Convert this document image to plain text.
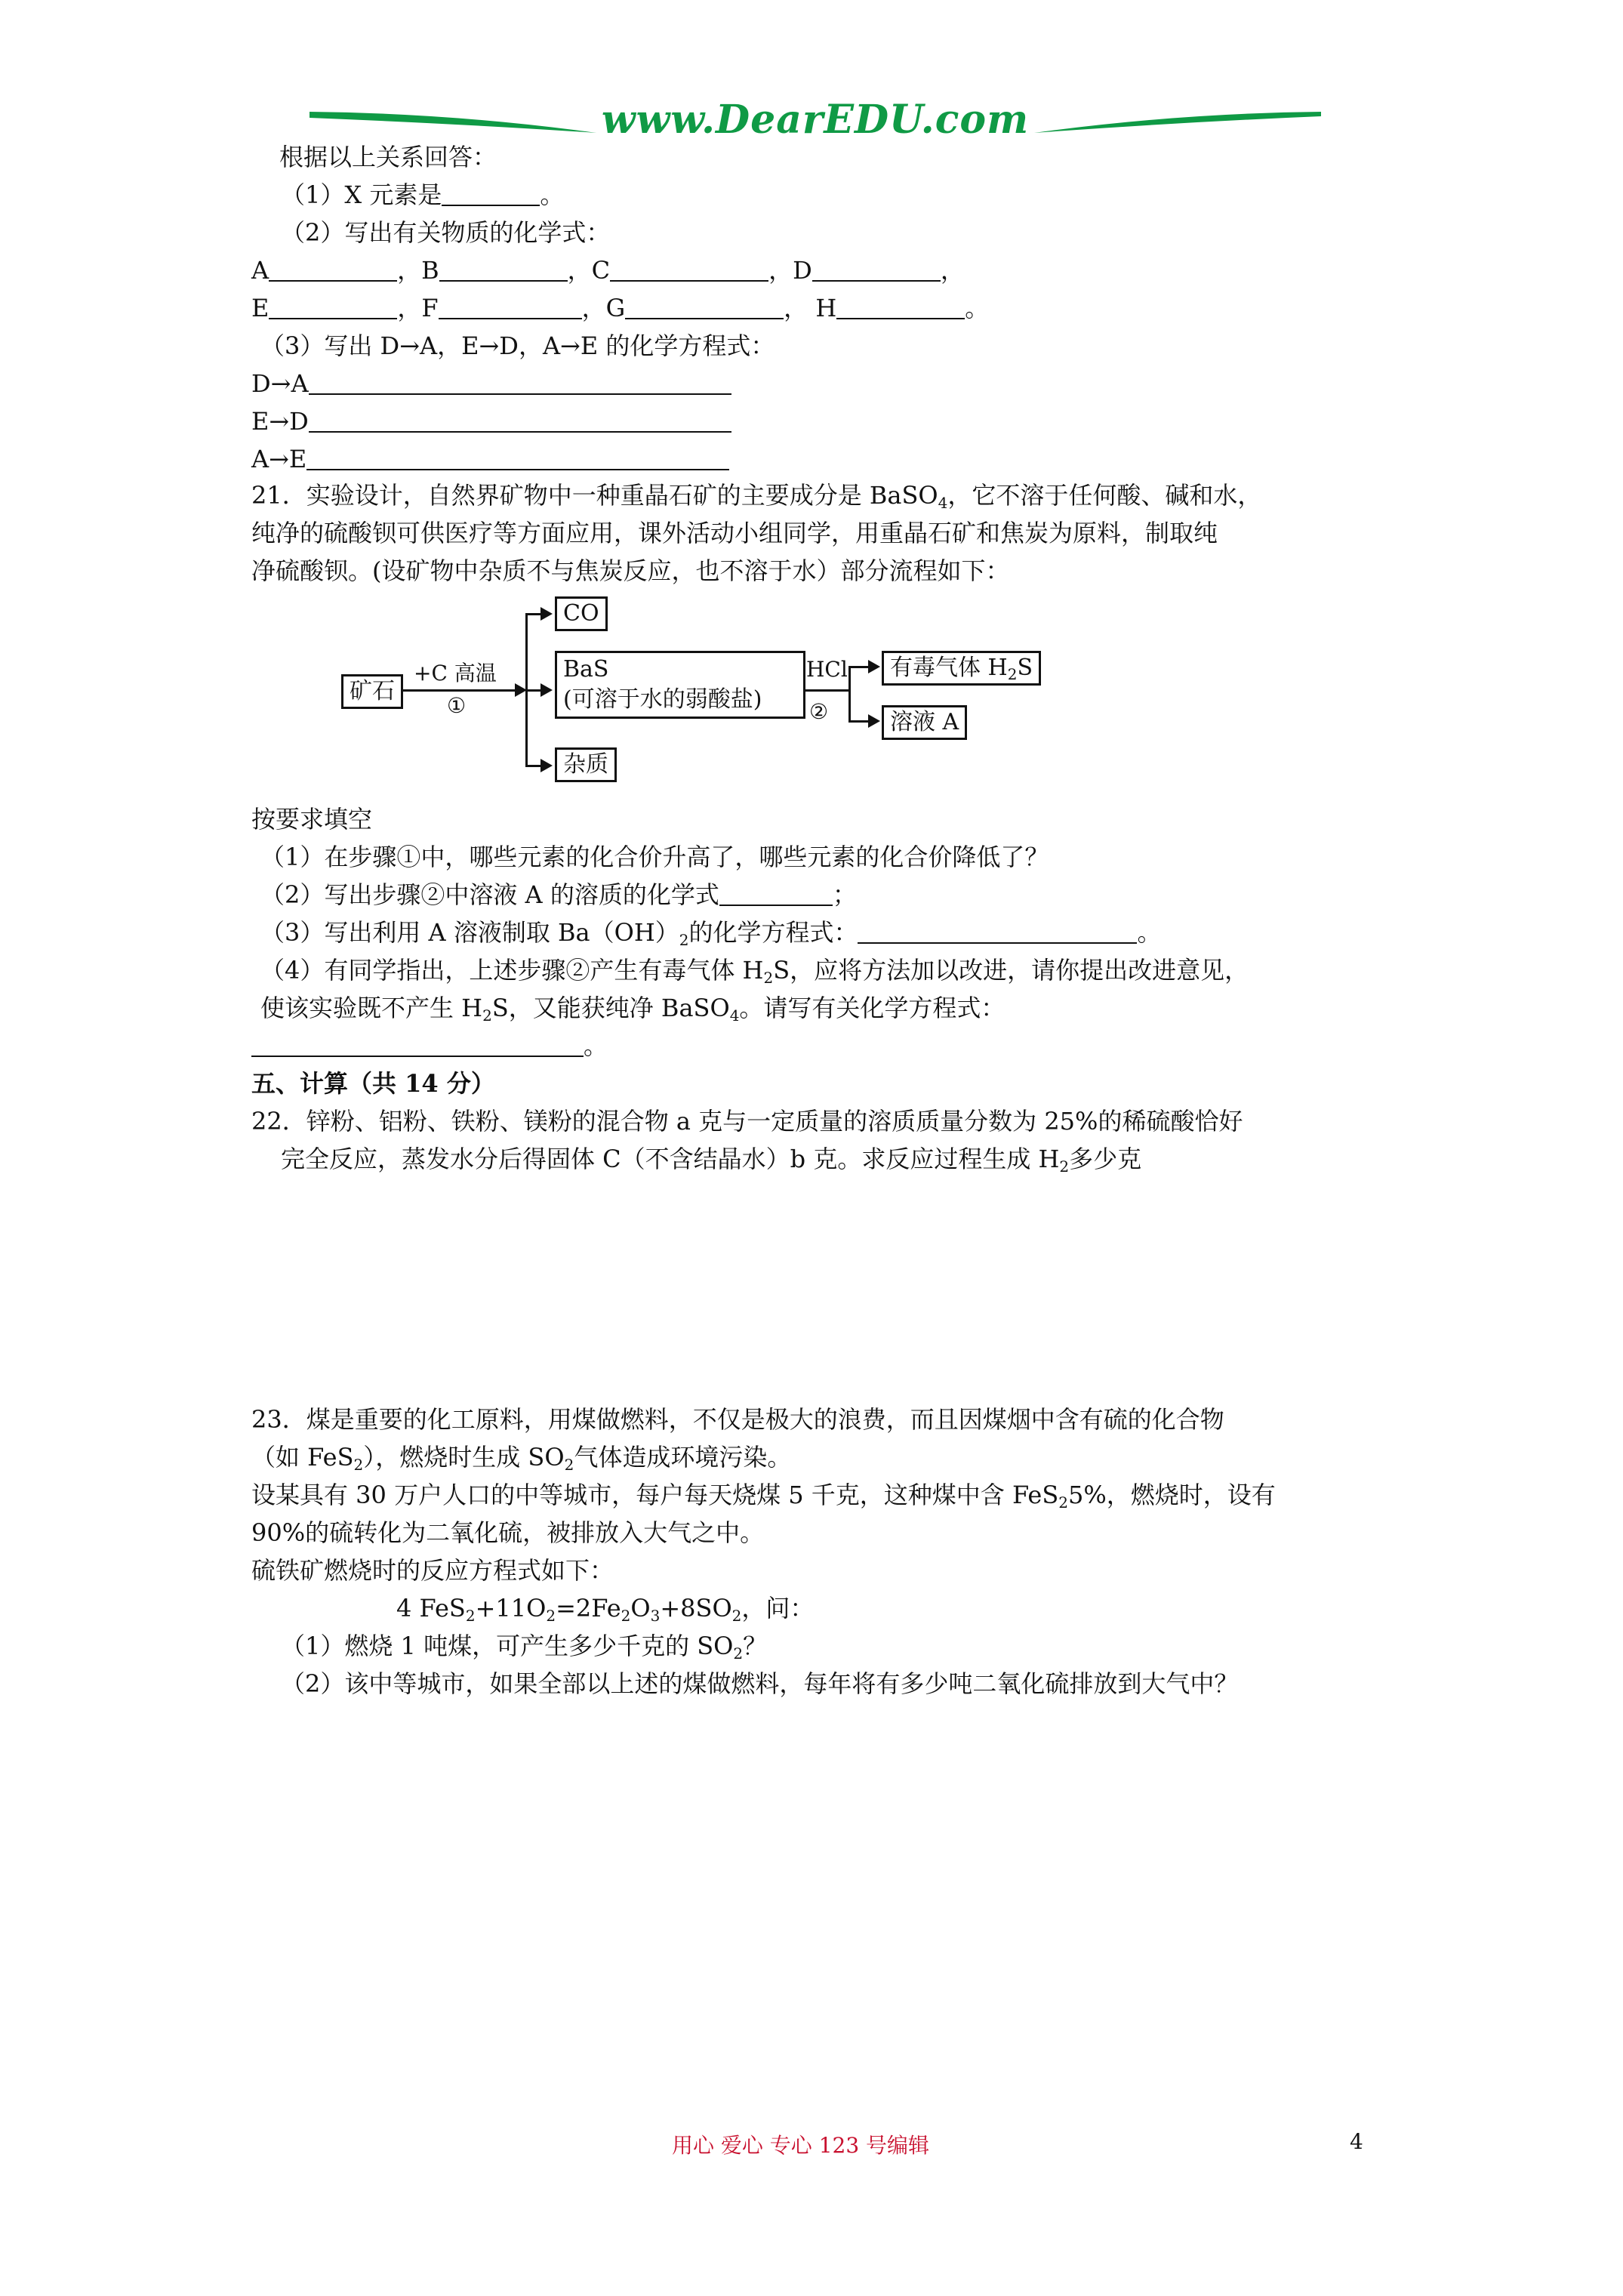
www.DearEDU.com
根据以上关系回答：
（1）X 元素是	。
（2）写出有关物质的化学式：
A	，B	，C	，D	，
E	，F	，G	， H	。
（3）写出 D→A，E→D，A→E 的化学方程式：
D→A
E→D
A→E
21．实验设计，自然界矿物中一种重晶石矿的主要成分是 BaSO$_4$，它不溶于任何酸、碱和水，
纯净的硫酸钡可供医疗等方面应用，课外活动小组同学，用重晶石矿和焦炭为原料，制取纯
净硫酸钡。(设矿物中杂质不与焦炭反应，也不溶于水）部分流程如下：
矿石
+C 高温
①
CO
BaS
(可溶于水的弱酸盐)
杂质
HCl
②
有毒气体 $H_2S$
溶液 A
按要求填空
（1）在步骤①中，哪些元素的化合价升高了，哪些元素的化合价降低了？
（2）写出步骤②中溶液 A 的溶质的化学式	；
（3）写出利用 A 溶液制取 $Ba(OH)_2$的化学方程式：	。
（4）有同学指出，上述步骤②产生有毒气体 $H_2S$，应将方法加以改进，请你提出改进意见，
使该实验既不产生 $H_2S$，又能获纯净 BaSO$_4$。请写有关化学方程式：
。
五、计算（共 14 分）
22．锌粉、铝粉、铁粉、镁粉的混合物 a 克与一定质量的溶质质量分数为 25%的稀硫酸恰好
完全反应，蒸发水分后得固体 C（不含结晶水）b 克。求反应过程生成 $H_2$多少克
23．煤是重要的化工原料，用煤做燃料，不仅是极大的浪费，而且因煤烟中含有硫的化合物
（如 FeS$_2$），燃烧时生成 $SO_2$气体造成环境污染。
设某具有 30 万户人口的中等城市，每户每天烧煤 5 千克，这种煤中含 FeS$_2$5%，燃烧时，设有
90%的硫转化为二氧化硫，被排放入大气之中。
硫铁矿燃烧时的反应方程式如下：
4 $FeS_2+11O_2=2Fe_2O_3+8SO_2$，问：
（1）燃烧 1 吨煤，可产生多少千克的 $SO_2$？
（2）该中等城市，如果全部以上述的煤做燃料，每年将有多少吨二氧化硫排放到大气中？
用心 爱心 专心 123 号编辑	4
